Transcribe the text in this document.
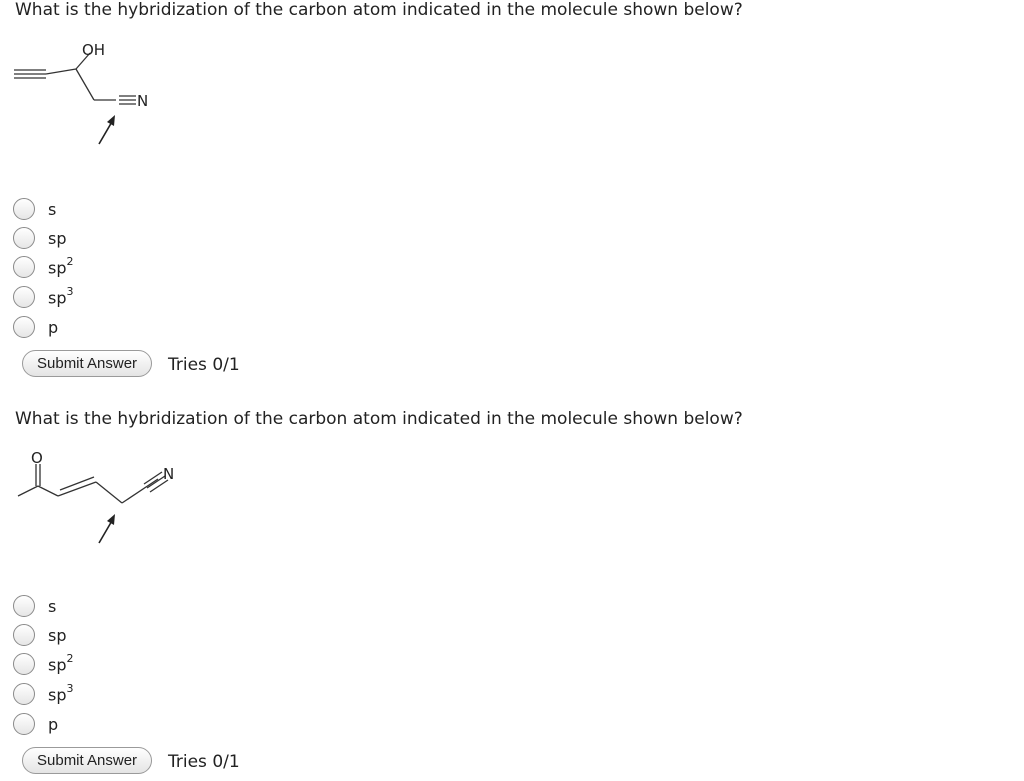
What is the hybridization of the carbon atom indicated in the molecule shown below?
OH
N
s
sp
$sp^2$
$sp^3$
p
Submit Answer	Tries 0/1
What is the hybridization of the carbon atom indicated in the molecule shown below?
O
N
s
sp
$sp^2$
$sp^3$
p
Submit Answer	Tries 0/1
